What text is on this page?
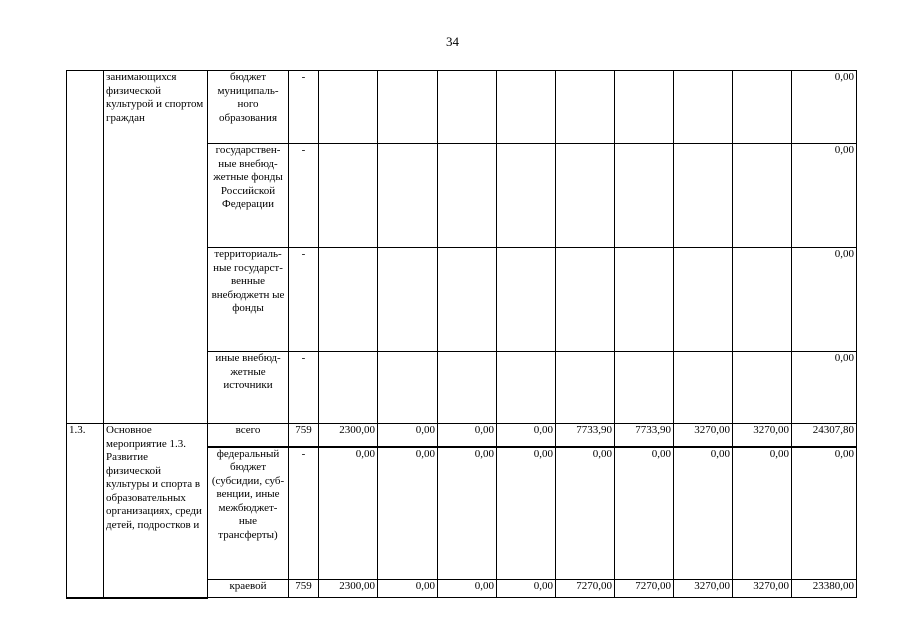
34
	занимающихся физической культурой и спортом граждан	бюджет муниципаль-ного образования	-									0,00
		государствен-ные внебюд-жетные фонды Российской Федерации	-									0,00
		территориаль-ные государст-венные внебюджетн ые фонды	-									0,00
		иные внебюд-жетные источники	-									0,00
1.3.	Основное мероприятие 1.3. Развитие физической культуры и спорта в образовательных организациях, среди детей, подростков и	всего	759	2300,00	0,00	0,00	0,00	7733,90	7733,90	3270,00	3270,00	24307,80
		федеральный бюджет (субсидии, суб-венции, иные межбюджет-ные трансферты)	-	0,00	0,00	0,00	0,00	0,00	0,00	0,00	0,00	0,00
		краевой	759	2300,00	0,00	0,00	0,00	7270,00	7270,00	3270,00	3270,00	23380,00
